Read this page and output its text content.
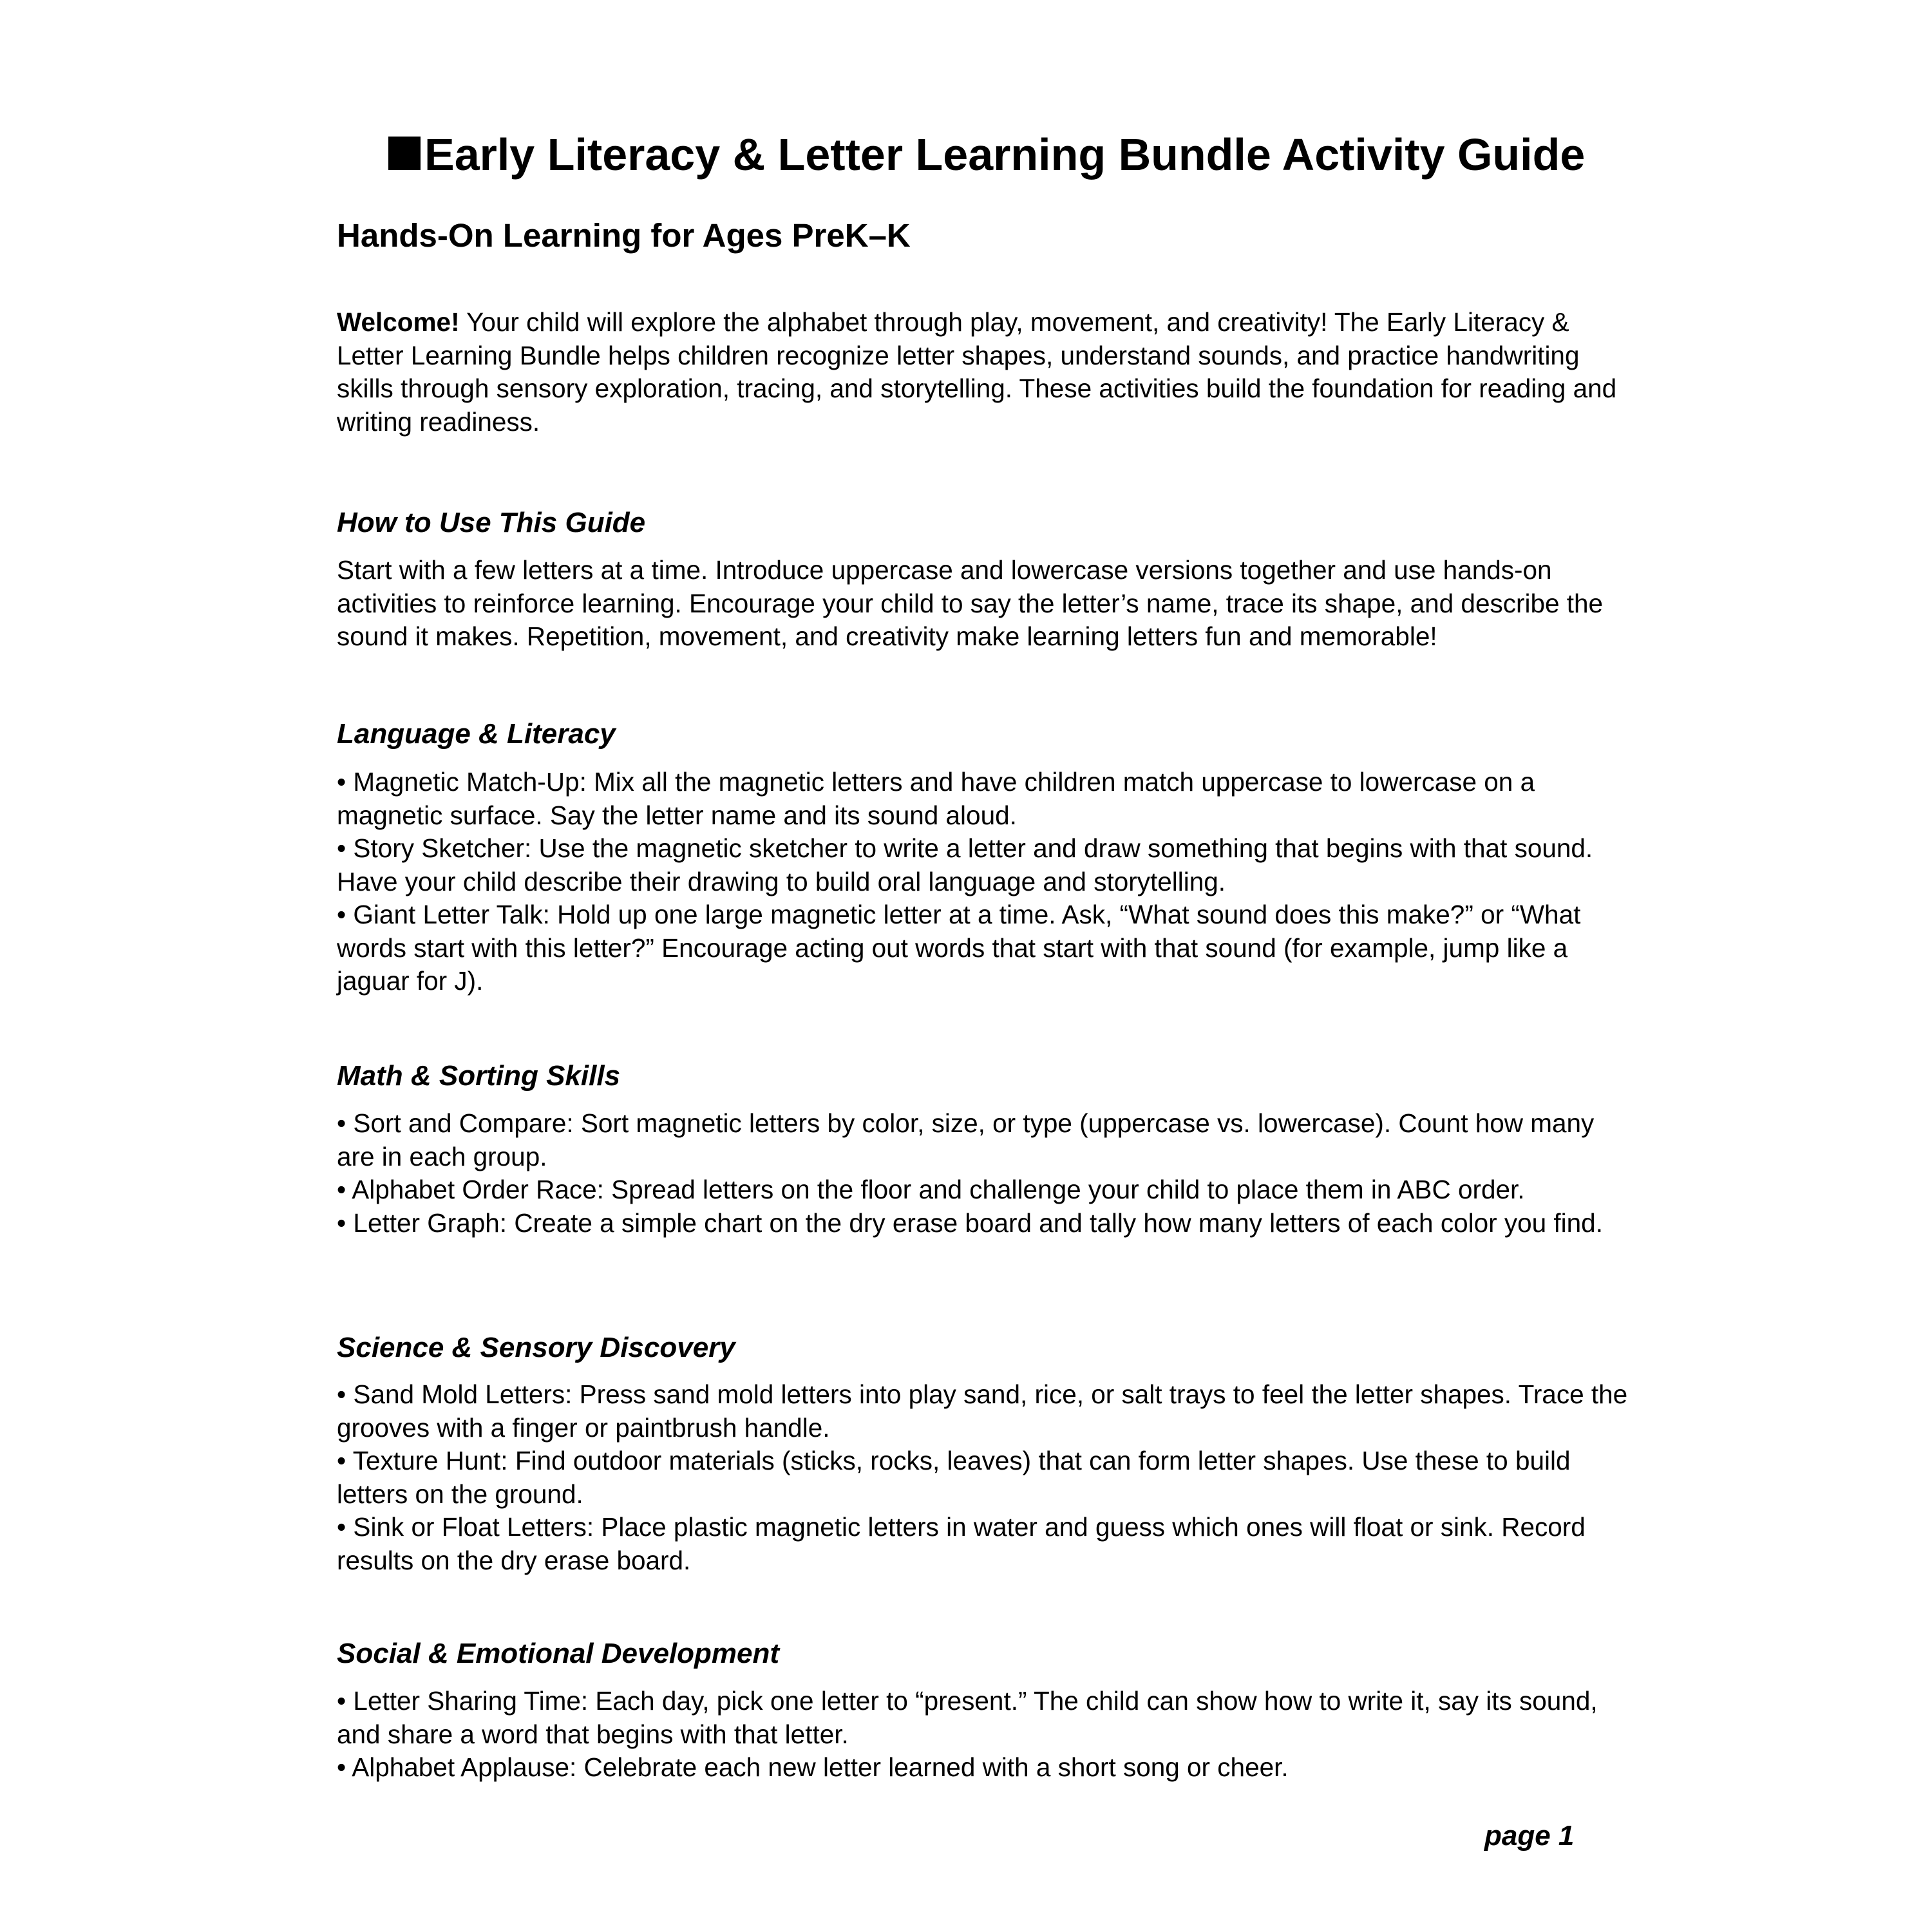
Early Literacy & Letter Learning Bundle Activity Guide
Hands-On Learning for Ages PreK–K

Welcome! Your child will explore the alphabet through play, movement, and creativity! The Early Literacy & Letter Learning Bundle helps children recognize letter shapes, understand sounds, and practice handwriting skills through sensory exploration, tracing, and storytelling. These activities build the foundation for reading and writing readiness.

How to Use This Guide

Start with a few letters at a time. Introduce uppercase and lowercase versions together and use hands-on activities to reinforce learning. Encourage your child to say the letter’s name, trace its shape, and describe the sound it makes. Repetition, movement, and creativity make learning letters fun and memorable!

Language & Literacy
• Magnetic Match-Up: Mix all the magnetic letters and have children match uppercase to lowercase on a magnetic surface. Say the letter name and its sound aloud.
• Story Sketcher: Use the magnetic sketcher to write a letter and draw something that begins with that sound. Have your child describe their drawing to build oral language and storytelling.
• Giant Letter Talk: Hold up one large magnetic letter at a time. Ask, “What sound does this make?” or “What words start with this letter?” Encourage acting out words that start with that sound (for example, jump like a jaguar for J).
Math & Sorting Skills
• Sort and Compare: Sort magnetic letters by color, size, or type (uppercase vs. lowercase). Count how many are in each group.
• Alphabet Order Race: Spread letters on the floor and challenge your child to place them in ABC order.
• Letter Graph: Create a simple chart on the dry erase board and tally how many letters of each color you find.
Science & Sensory Discovery
• Sand Mold Letters: Press sand mold letters into play sand, rice, or salt trays to feel the letter shapes. Trace the grooves with a finger or paintbrush handle.
• Texture Hunt: Find outdoor materials (sticks, rocks, leaves) that can form letter shapes. Use these to build letters on the ground.
• Sink or Float Letters: Place plastic magnetic letters in water and guess which ones will float or sink. Record results on the dry erase board.
Social & Emotional Development
• Letter Sharing Time: Each day, pick one letter to “present.” The child can show how to write it, say its sound, and share a word that begins with that letter.
• Alphabet Applause: Celebrate each new letter learned with a short song or cheer.
page 1
